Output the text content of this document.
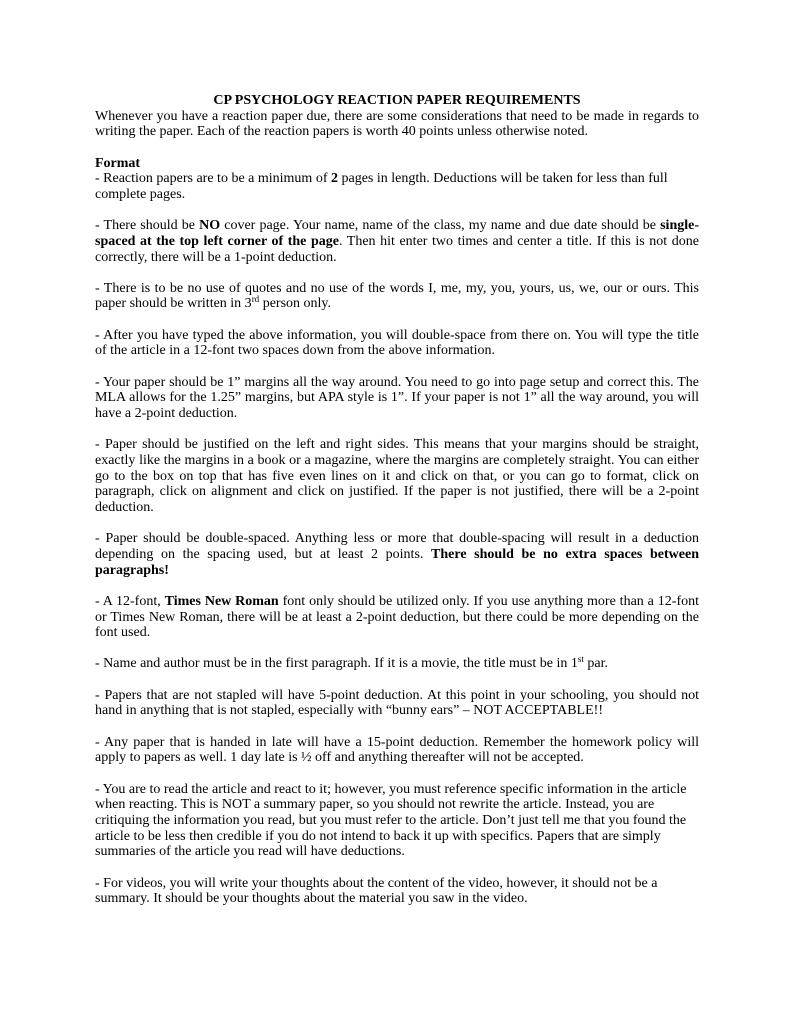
CP PSYCHOLOGY REACTION PAPER REQUIREMENTS

Whenever you have a reaction paper due, there are some considerations that need to be made in regards to writing the paper. Each of the reaction papers is worth 40 points unless otherwise noted.

Format

- Reaction papers are to be a minimum of 2 pages in length. Deductions will be taken for less than full complete pages.

- There should be NO cover page. Your name, name of the class, my name and due date should be single-spaced at the top left corner of the page. Then hit enter two times and center a title. If this is not done correctly, there will be a 1-point deduction.

- There is to be no use of quotes and no use of the words I, me, my, you, yours, us, we, our or ours. This paper should be written in 3rd person only.

- After you have typed the above information, you will double-space from there on. You will type the title of the article in a 12-font two spaces down from the above information.

- Your paper should be 1” margins all the way around. You need to go into page setup and correct this. The MLA allows for the 1.25” margins, but APA style is 1”. If your paper is not 1” all the way around, you will have a 2-point deduction.

- Paper should be justified on the left and right sides. This means that your margins should be straight, exactly like the margins in a book or a magazine, where the margins are completely straight. You can either go to the box on top that has five even lines on it and click on that, or you can go to format, click on paragraph, click on alignment and click on justified. If the paper is not justified, there will be a 2-point deduction.

- Paper should be double-spaced. Anything less or more that double-spacing will result in a deduction depending on the spacing used, but at least 2 points. There should be no extra spaces between paragraphs!

- A 12-font, Times New Roman font only should be utilized only. If you use anything more than a 12-font or Times New Roman, there will be at least a 2-point deduction, but there could be more depending on the font used.

- Name and author must be in the first paragraph. If it is a movie, the title must be in 1st par.

- Papers that are not stapled will have 5-point deduction. At this point in your schooling, you should not hand in anything that is not stapled, especially with “bunny ears” – NOT ACCEPTABLE!!

- Any paper that is handed in late will have a 15-point deduction. Remember the homework policy will apply to papers as well. 1 day late is ½ off and anything thereafter will not be accepted.

- You are to read the article and react to it; however, you must reference specific information in the article when reacting. This is NOT a summary paper, so you should not rewrite the article. Instead, you are critiquing the information you read, but you must refer to the article. Don’t just tell me that you found the article to be less then credible if you do not intend to back it up with specifics. Papers that are simply summaries of the article you read will have deductions.

- For videos, you will write your thoughts about the content of the video, however, it should not be a summary. It should be your thoughts about the material you saw in the video.
